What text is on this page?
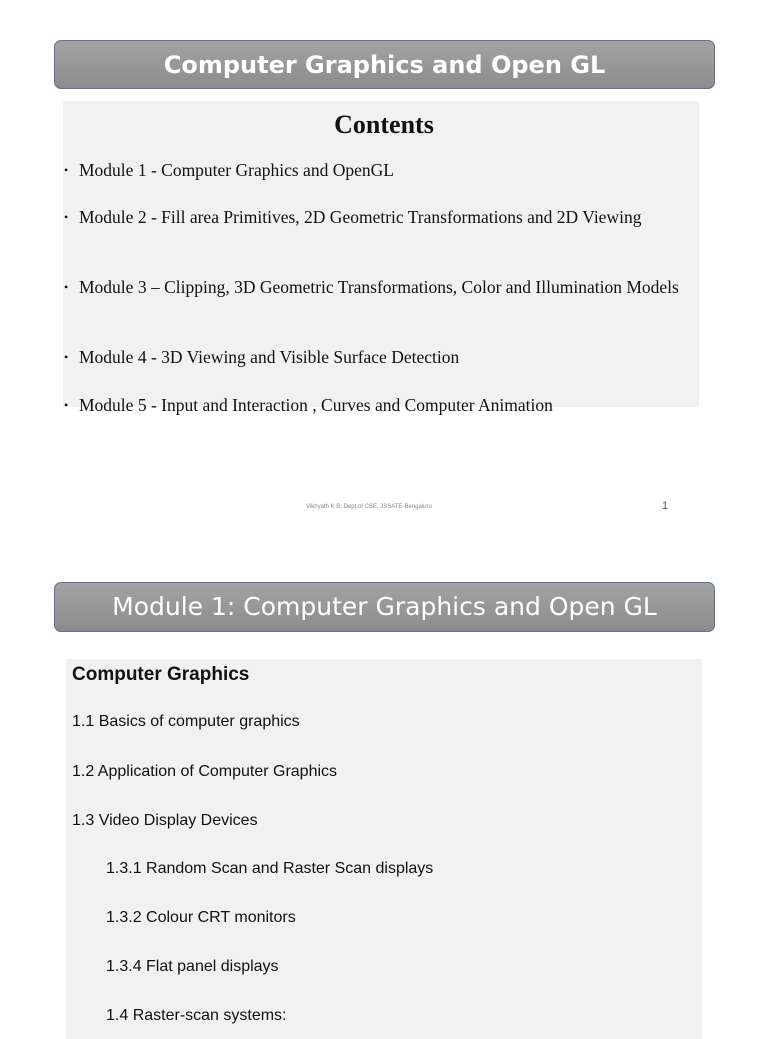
Computer Graphics and Open GL
Contents
• Module 1 - Computer Graphics and OpenGL
• Module 2 - Fill area Primitives, 2D Geometric Transformations and 2D Viewing
• Module 3 – Clipping, 3D Geometric Transformations, Color and Illumination Models
• Module 4 - 3D Viewing and Visible Surface Detection
• Module 5 - Input and Interaction , Curves and Computer Animation
Vikhyath K B, Dept of CSE, JSSATE-Bengaluru	1
Module 1: Computer Graphics and Open GL
Computer Graphics
1.1 Basics of computer graphics
1.2 Application of Computer Graphics
1.3 Video Display Devices
1.3.1 Random Scan and Raster Scan displays
1.3.2 Colour CRT monitors
1.3.4 Flat panel displays
1.4 Raster-scan systems:
